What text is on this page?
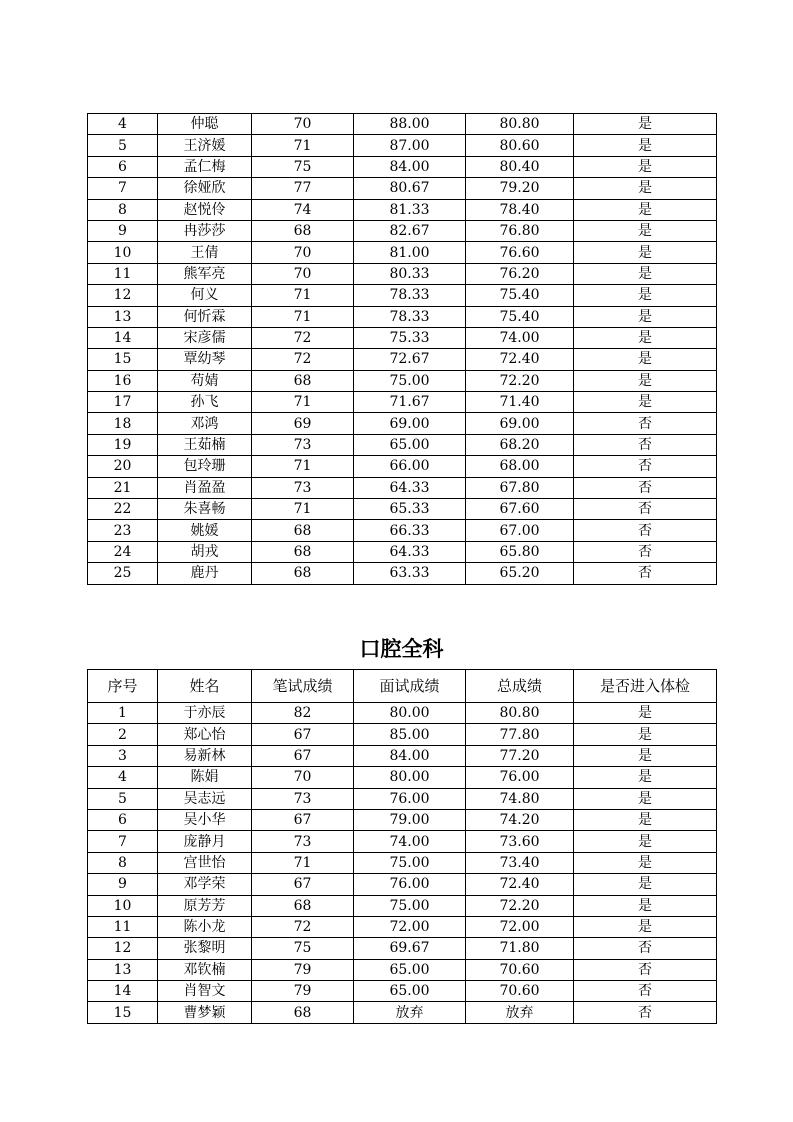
4	仲聪	70	88.00	80.80	是
5	王济媛	71	87.00	80.60	是
6	孟仁梅	75	84.00	80.40	是
7	徐娅欣	77	80.67	79.20	是
8	赵悦伶	74	81.33	78.40	是
9	冉莎莎	68	82.67	76.80	是
10	王倩	70	81.00	76.60	是
11	熊军亮	70	80.33	76.20	是
12	何义	71	78.33	75.40	是
13	何忻霖	71	78.33	75.40	是
14	宋彦儒	72	75.33	74.00	是
15	覃幼琴	72	72.67	72.40	是
16	苟婧	68	75.00	72.20	是
17	孙飞	71	71.67	71.40	是
18	邓鸿	69	69.00	69.00	否
19	王茹楠	73	65.00	68.20	否
20	包玲珊	71	66.00	68.00	否
21	肖盈盈	73	64.33	67.80	否
22	朱喜畅	71	65.33	67.60	否
23	姚媛	68	66.33	67.00	否
24	胡戎	68	64.33	65.80	否
25	鹿丹	68	63.33	65.20	否
口腔全科
序号	姓名	笔试成绩	面试成绩	总成绩	是否进入体检
1	于亦辰	82	80.00	80.80	是
2	郑心怡	67	85.00	77.80	是
3	易新林	67	84.00	77.20	是
4	陈娟	70	80.00	76.00	是
5	吴志远	73	76.00	74.80	是
6	吴小华	67	79.00	74.20	是
7	庞静月	73	74.00	73.60	是
8	宫世怡	71	75.00	73.40	是
9	邓学荣	67	76.00	72.40	是
10	原芳芳	68	75.00	72.20	是
11	陈小龙	72	72.00	72.00	是
12	张黎明	75	69.67	71.80	否
13	邓钦楠	79	65.00	70.60	否
14	肖智文	79	65.00	70.60	否
15	曹梦颖	68	放弃	放弃	否
